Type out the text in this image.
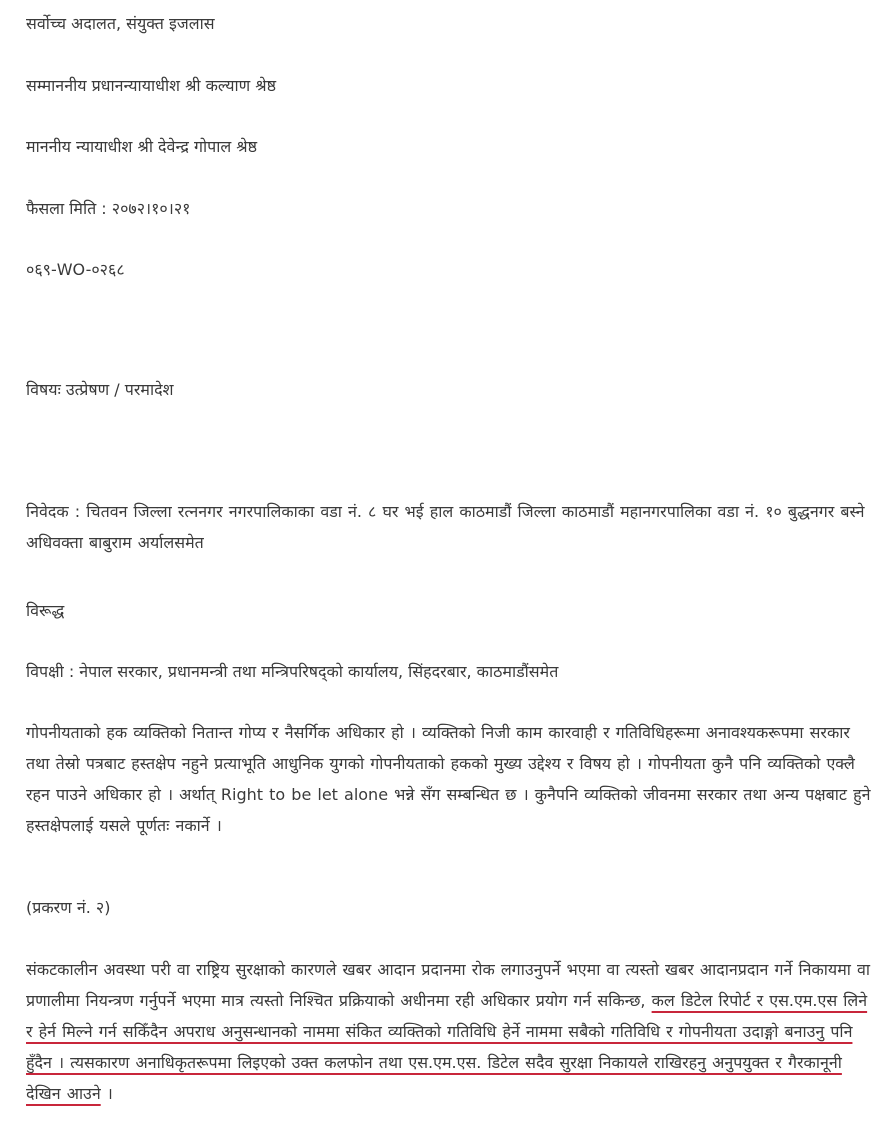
सर्वोच्च अदालत, संयुक्त इजलास
सम्माननीय प्रधानन्यायाधीश श्री कल्याण श्रेष्ठ
माननीय न्यायाधीश श्री देवेन्द्र गोपाल श्रेष्ठ
फैसला मिति : २०७२।१०।२१
०६९-WO-०२६८
विषयः उत्प्रेषण / परमादेश
निवेदक : चितवन जिल्ला रत्ननगर नगरपालिकाका वडा नं. ८ घर भई हाल काठमाडौं जिल्ला काठमाडौं महानगरपालिका वडा नं. १० बुद्धनगर बस्ने अधिवक्ता बाबुराम अर्यालसमेत
विरूद्ध
विपक्षी : नेपाल सरकार, प्रधानमन्त्री तथा मन्त्रिपरिषद्को कार्यालय, सिंहदरबार, काठमाडौंसमेत
गोपनीयताको हक व्यक्तिको नितान्त गोप्य र नैसर्गिक अधिकार हो । व्यक्तिको निजी काम कारवाही र गतिविधिहरूमा अनावश्यकरूपमा सरकार तथा तेस्रो पत्रबाट हस्तक्षेप नहुने प्रत्याभूति आधुनिक युगको गोपनीयताको हकको मुख्य उद्देश्य र विषय हो । गोपनीयता कुनै पनि व्यक्तिको एक्लै रहन पाउने अधिकार हो । अर्थात् Right to be let alone भन्ने सँग सम्बन्धित छ । कुनैपनि व्यक्तिको जीवनमा सरकार तथा अन्य पक्षबाट हुने हस्तक्षेपलाई यसले पूर्णतः नकार्ने ।
(प्रकरण नं. २)
संकटकालीन अवस्था परी वा राष्ट्रिय सुरक्षाको कारणले खबर आदान प्रदानमा रोक लगाउनुपर्ने भएमा वा त्यस्तो खबर आदानप्रदान गर्ने निकायमा वा प्रणालीमा नियन्त्रण गर्नुपर्ने भएमा मात्र त्यस्तो निश्चित प्रक्रियाको अधीनमा रही अधिकार प्रयोग गर्न सकिन्छ, कल डिटेल रिपोर्ट र एस.एम.एस लिने र हेर्न मिल्ने गर्न सकिँदैन अपराध अनुसन्धानको नाममा संकित व्यक्तिको गतिविधि हेर्ने नाममा सबैको गतिविधि र गोपनीयता उदाङ्गो बनाउनु पनि हुँदैन । त्यसकारण अनाधिकृतरूपमा लिइएको उक्त कलफोन तथा एस.एम.एस. डिटेल सदैव सुरक्षा निकायले राखिरहनु अनुपयुक्त र गैरकानूनी देखिन आउने ।
